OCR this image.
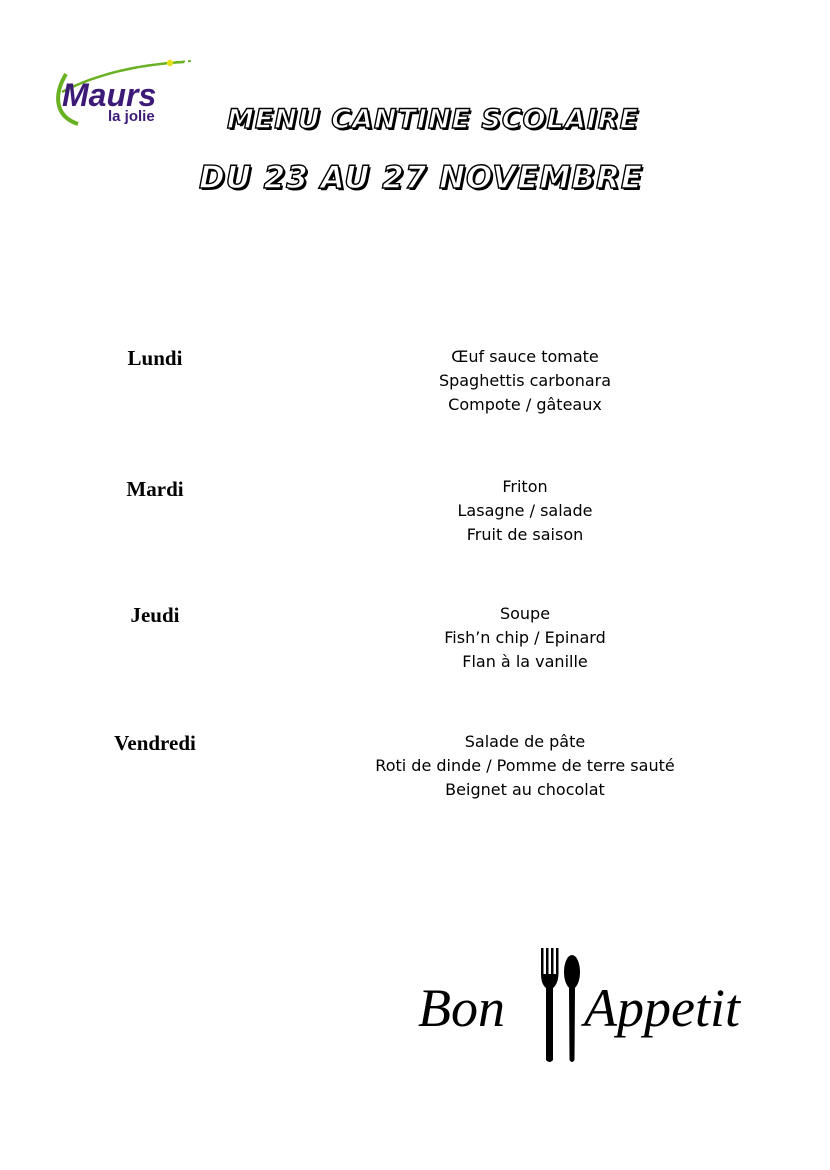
Maurs
la jolie	MENU CANTINE SCOLAIRE
DU 23 AU 27 NOVEMBRE
Lundi	Œuf sauce tomate
Spaghettis carbonara
Compote / gâteaux
Mardi	Friton
Lasagne / salade
Fruit de saison
Jeudi	Soupe
Fish’n chip / Epinard
Flan à la vanille
Vendredi	Salade de pâte
Roti de dinde / Pomme de terre sauté
Beignet au chocolat
Bon Appetit
